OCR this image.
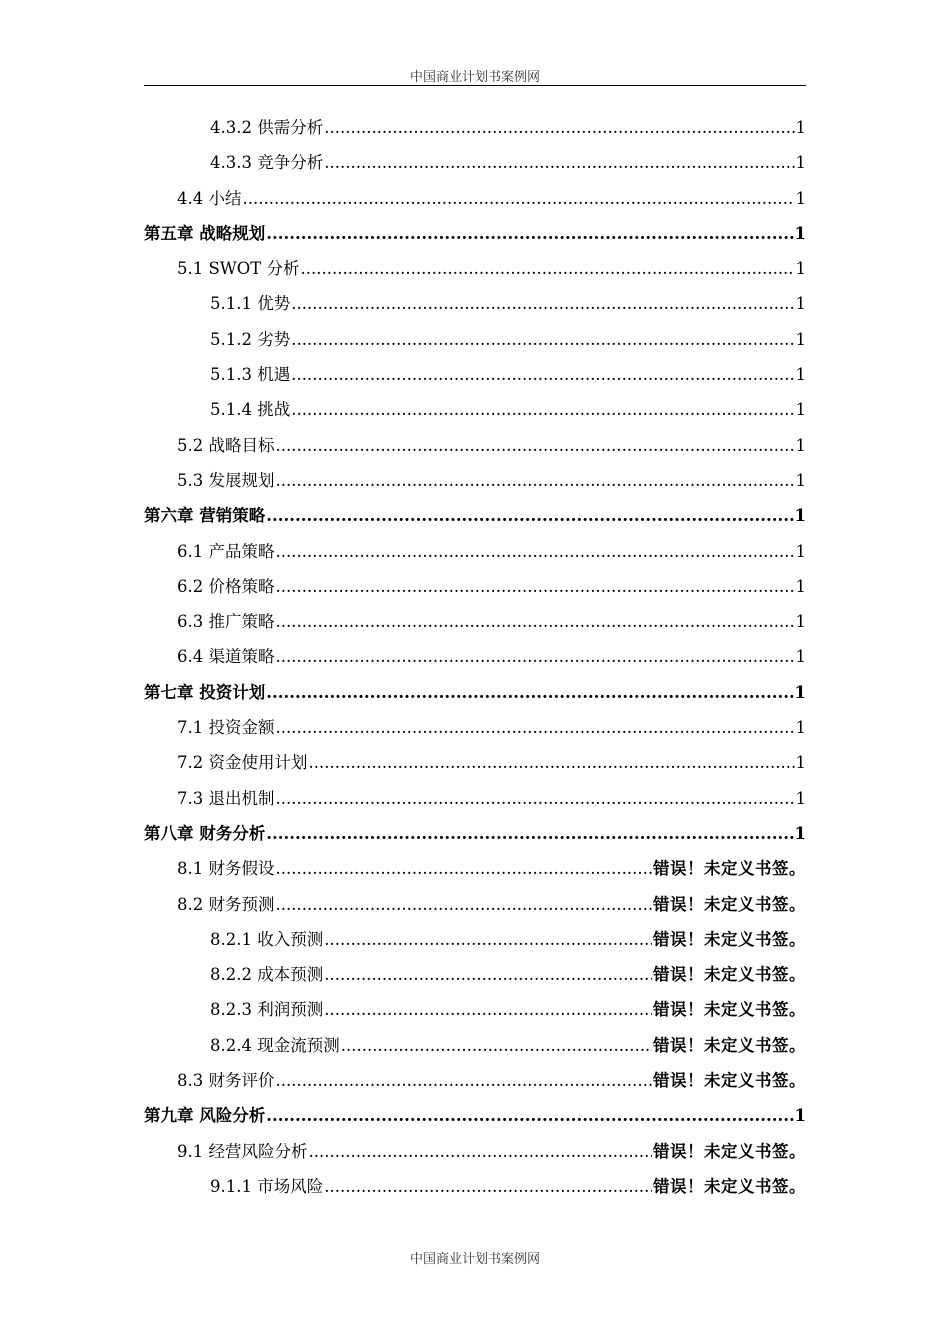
中国商业计划书案例网
4.3.2 供需分析 .....	1
4.3.3 竞争分析 .....	1
4.4 小结 .....	1
第五章 战略规划 .....	1
5.1 SWOT 分析 .....	1
5.1.1 优势 .....	1
5.1.2 劣势 .....	1
5.1.3 机遇 .....	1
5.1.4 挑战 .....	1
5.2 战略目标 .....	1
5.3 发展规划 .....	1
第六章 营销策略 .....	1
6.1 产品策略 .....	1
6.2 价格策略 .....	1
6.3 推广策略 .....	1
6.4 渠道策略 .....	1
第七章 投资计划 .....	1
7.1 投资金额 .....	1
7.2 资金使用计划 .....	1
7.3 退出机制 .....	1
第八章 财务分析 .....	1
8.1 财务假设 .....	错误！未定义书签。
8.2 财务预测 .....	错误！未定义书签。
8.2.1 收入预测 .....	错误！未定义书签。
8.2.2 成本预测 .....	错误！未定义书签。
8.2.3 利润预测 .....	错误！未定义书签。
8.2.4 现金流预测 .....	错误！未定义书签。
8.3 财务评价 .....	错误！未定义书签。
第九章 风险分析 .....	1
9.1 经营风险分析 .....	错误！未定义书签。
9.1.1 市场风险 .....	错误！未定义书签。
中国商业计划书案例网
